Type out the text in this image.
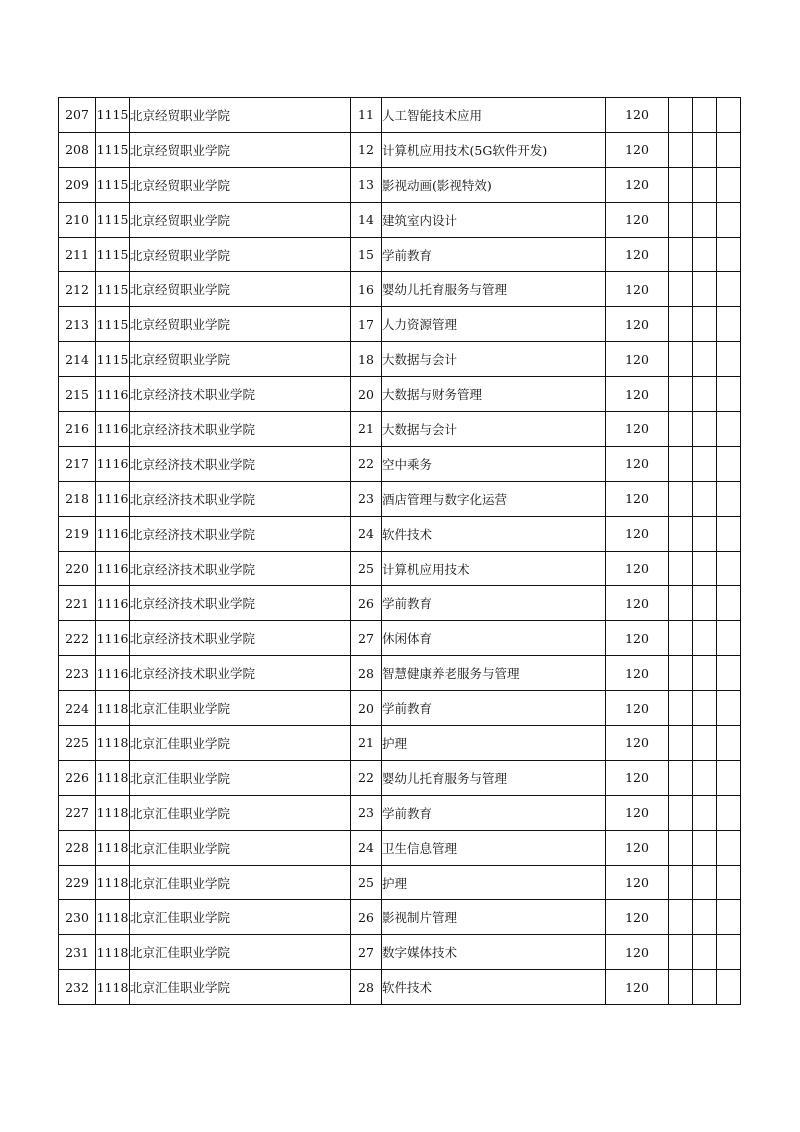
207	1115	北京经贸职业学院	11	人工智能技术应用	120			
208	1115	北京经贸职业学院	12	计算机应用技术(5G软件开发)	120			
209	1115	北京经贸职业学院	13	影视动画(影视特效)	120			
210	1115	北京经贸职业学院	14	建筑室内设计	120			
211	1115	北京经贸职业学院	15	学前教育	120			
212	1115	北京经贸职业学院	16	婴幼儿托育服务与管理	120			
213	1115	北京经贸职业学院	17	人力资源管理	120			
214	1115	北京经贸职业学院	18	大数据与会计	120			
215	1116	北京经济技术职业学院	20	大数据与财务管理	120			
216	1116	北京经济技术职业学院	21	大数据与会计	120			
217	1116	北京经济技术职业学院	22	空中乘务	120			
218	1116	北京经济技术职业学院	23	酒店管理与数字化运营	120			
219	1116	北京经济技术职业学院	24	软件技术	120			
220	1116	北京经济技术职业学院	25	计算机应用技术	120			
221	1116	北京经济技术职业学院	26	学前教育	120			
222	1116	北京经济技术职业学院	27	休闲体育	120			
223	1116	北京经济技术职业学院	28	智慧健康养老服务与管理	120			
224	1118	北京汇佳职业学院	20	学前教育	120			
225	1118	北京汇佳职业学院	21	护理	120			
226	1118	北京汇佳职业学院	22	婴幼儿托育服务与管理	120			
227	1118	北京汇佳职业学院	23	学前教育	120			
228	1118	北京汇佳职业学院	24	卫生信息管理	120			
229	1118	北京汇佳职业学院	25	护理	120			
230	1118	北京汇佳职业学院	26	影视制片管理	120			
231	1118	北京汇佳职业学院	27	数字媒体技术	120			
232	1118	北京汇佳职业学院	28	软件技术	120			
